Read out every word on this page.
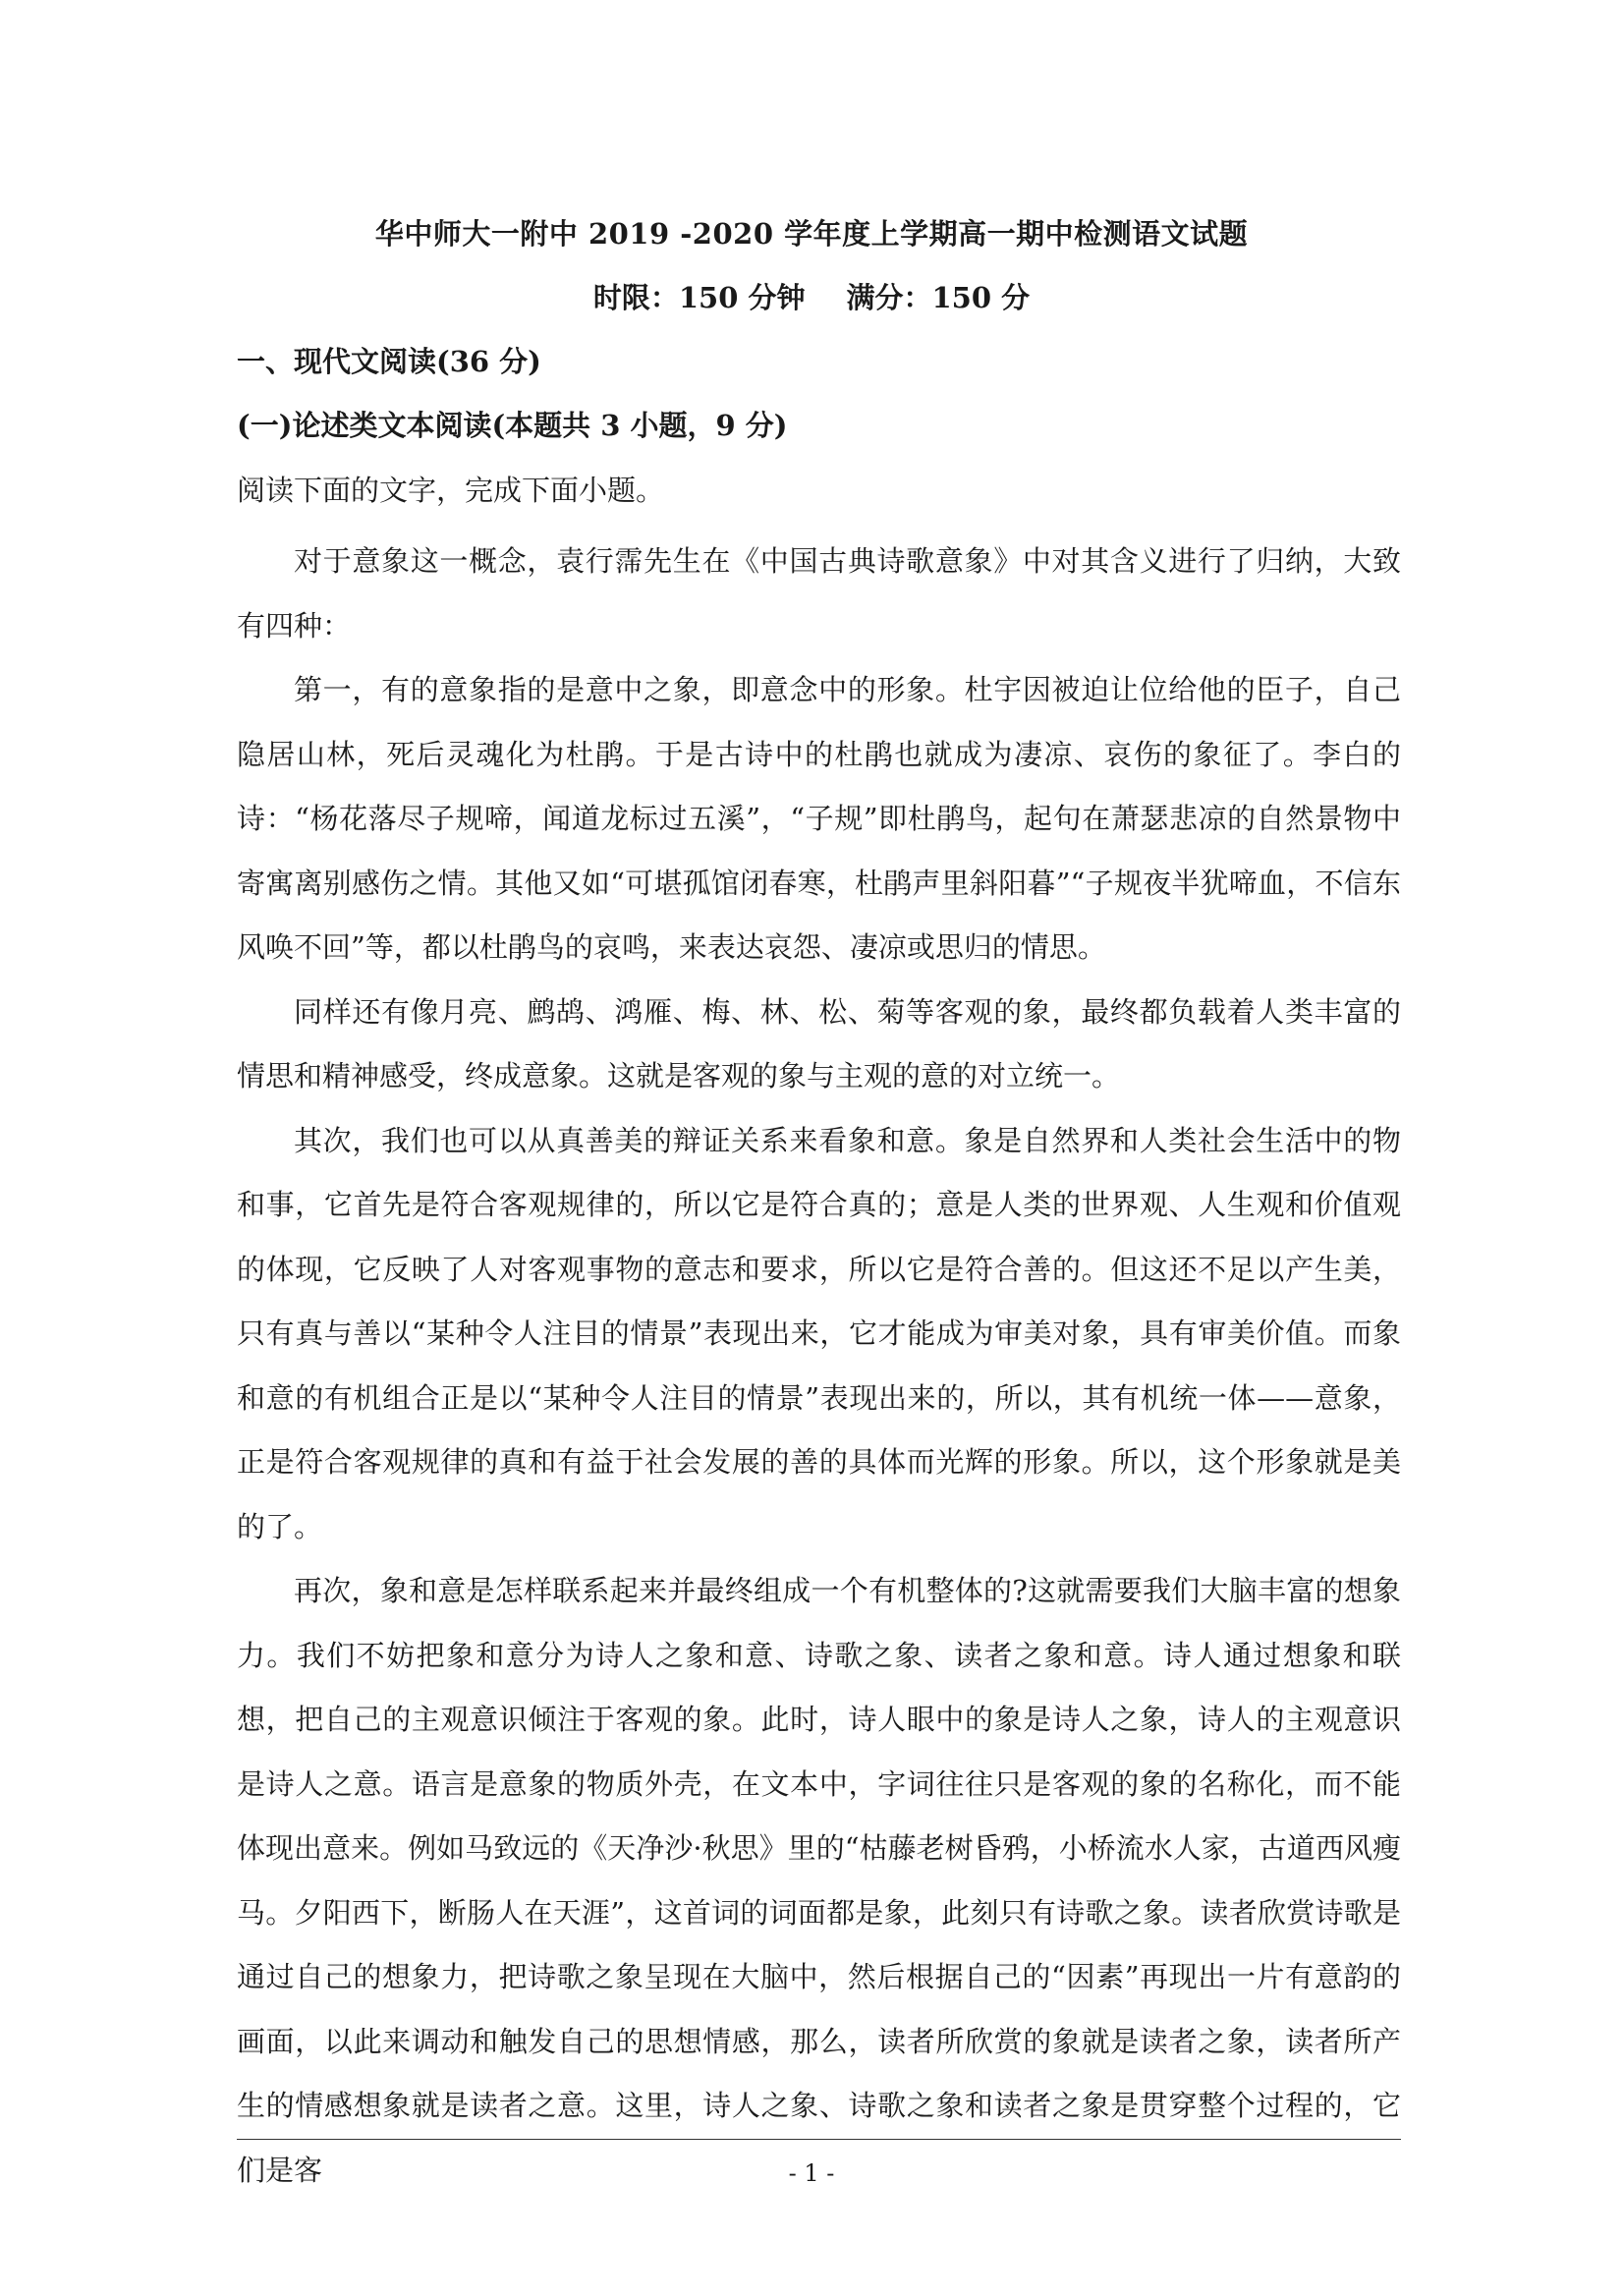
华中师大一附中 2019 -2020 学年度上学期高一期中检测语文试题
时限：150 分钟 满分：150 分
一、现代文阅读(36 分)
(一)论述类文本阅读(本题共 3 小题，9 分)
阅读下面的文字，完成下面小题。

对于意象这一概念，袁行霈先生在《中国古典诗歌意象》中对其含义进行了归纳，大致有四种：

第一，有的意象指的是意中之象，即意念中的形象。杜宇因被迫让位给他的臣子，自己隐居山林，死后灵魂化为杜鹃。于是古诗中的杜鹃也就成为凄凉、哀伤的象征了。李白的诗：“杨花落尽子规啼，闻道龙标过五溪”，“子规”即杜鹃鸟，起句在萧瑟悲凉的自然景物中寄寓离别感伤之情。其他又如“可堪孤馆闭春寒，杜鹃声里斜阳暮”“子规夜半犹啼血，不信东风唤不回”等，都以杜鹃鸟的哀鸣，来表达哀怨、凄凉或思归的情思。

同样还有像月亮、鹧鸪、鸿雁、梅、林、松、菊等客观的象，最终都负载着人类丰富的情思和精神感受，终成意象。这就是客观的象与主观的意的对立统一。

其次，我们也可以从真善美的辩证关系来看象和意。象是自然界和人类社会生活中的物和事，它首先是符合客观规律的，所以它是符合真的；意是人类的世界观、人生观和价值观的体现，它反映了人对客观事物的意志和要求，所以它是符合善的。但这还不足以产生美，只有真与善以“某种令人注目的情景”表现出来，它才能成为审美对象，具有审美价值。而象和意的有机组合正是以“某种令人注目的情景”表现出来的，所以，其有机统一体——意象，正是符合客观规律的真和有益于社会发展的善的具体而光辉的形象。所以，这个形象就是美的了。

再次，象和意是怎样联系起来并最终组成一个有机整体的?这就需要我们大脑丰富的想象力。我们不妨把象和意分为诗人之象和意、诗歌之象、读者之象和意。诗人通过想象和联想，把自己的主观意识倾注于客观的象。此时，诗人眼中的象是诗人之象，诗人的主观意识是诗人之意。语言是意象的物质外壳，在文本中，字词往往只是客观的象的名称化，而不能体现出意来。例如马致远的《天净沙·秋思》里的“枯藤老树昏鸦，小桥流水人家，古道西风瘦马。夕阳西下，断肠人在天涯”，这首词的词面都是象，此刻只有诗歌之象。读者欣赏诗歌是通过自己的想象力，把诗歌之象呈现在大脑中，然后根据自己的“因素”再现出一片有意韵的画面，以此来调动和触发自己的思想情感，那么，读者所欣赏的象就是读者之象，读者所产生的情感想象就是读者之意。这里，诗人之象、诗歌之象和读者之象是贯穿整个过程的，它们是客	- 1 -
